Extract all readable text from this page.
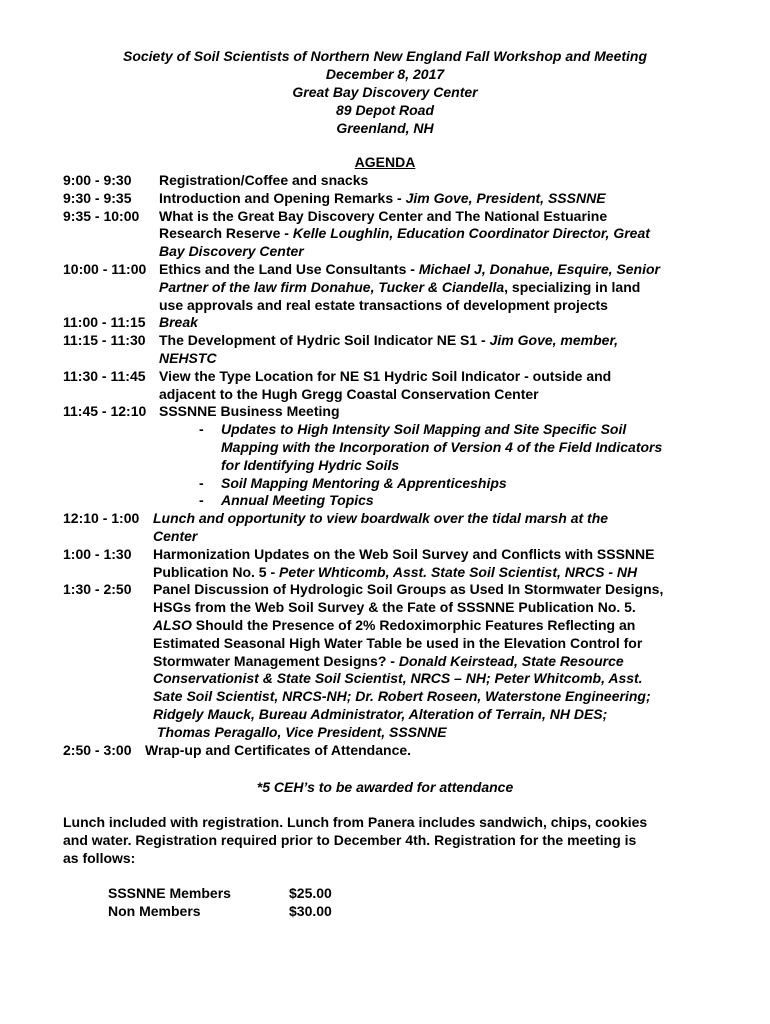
Society of Soil Scientists of Northern New England Fall Workshop and Meeting
December 8, 2017
Great Bay Discovery Center
89 Depot Road
Greenland, NH
AGENDA
9:00 - 9:30 Registration/Coffee and snacks
9:30 - 9:35 Introduction and Opening Remarks - Jim Gove, President, SSSNNE
9:35 - 10:00 What is the Great Bay Discovery Center and The National Estuarine
Research Reserve - Kelle Loughlin, Education Coordinator Director, Great
Bay Discovery Center
10:00 - 11:00 Ethics and the Land Use Consultants - Michael J, Donahue, Esquire, Senior
Partner of the law firm Donahue, Tucker & Ciandella, specializing in land
use approvals and real estate transactions of development projects
11:00 - 11:15 Break
11:15 - 11:30 The Development of Hydric Soil Indicator NE S1 - Jim Gove, member,
NEHSTC
11:30 - 11:45 View the Type Location for NE S1 Hydric Soil Indicator - outside and
adjacent to the Hugh Gregg Coastal Conservation Center
11:45 - 12:10 SSSNNE Business Meeting
- Updates to High Intensity Soil Mapping and Site Specific Soil
Mapping with the Incorporation of Version 4 of the Field Indicators
for Identifying Hydric Soils
- Soil Mapping Mentoring & Apprenticeships
- Annual Meeting Topics
12:10 - 1:00 Lunch and opportunity to view boardwalk over the tidal marsh at the
Center
1:00 - 1:30 Harmonization Updates on the Web Soil Survey and Conflicts with SSSNNE
Publication No. 5 - Peter Whticomb, Asst. State Soil Scientist, NRCS - NH
1:30 - 2:50 Panel Discussion of Hydrologic Soil Groups as Used In Stormwater Designs,
HSGs from the Web Soil Survey & the Fate of SSSNNE Publication No. 5.
ALSO Should the Presence of 2% Redoximorphic Features Reflecting an
Estimated Seasonal High Water Table be used in the Elevation Control for
Stormwater Management Designs? - Donald Keirstead, State Resource
Conservationist & State Soil Scientist, NRCS – NH; Peter Whitcomb, Asst.
Sate Soil Scientist, NRCS-NH; Dr. Robert Roseen, Waterstone Engineering;
Ridgely Mauck, Bureau Administrator, Alteration of Terrain, NH DES;
Thomas Peragallo, Vice President, SSSNNE
2:50 - 3:00 Wrap-up and Certificates of Attendance.
*5 CEH’s to be awarded for attendance
Lunch included with registration. Lunch from Panera includes sandwich, chips, cookies
and water. Registration required prior to December 4th. Registration for the meeting is
as follows:
SSSNNE Members	$25.00
Non Members	$30.00
